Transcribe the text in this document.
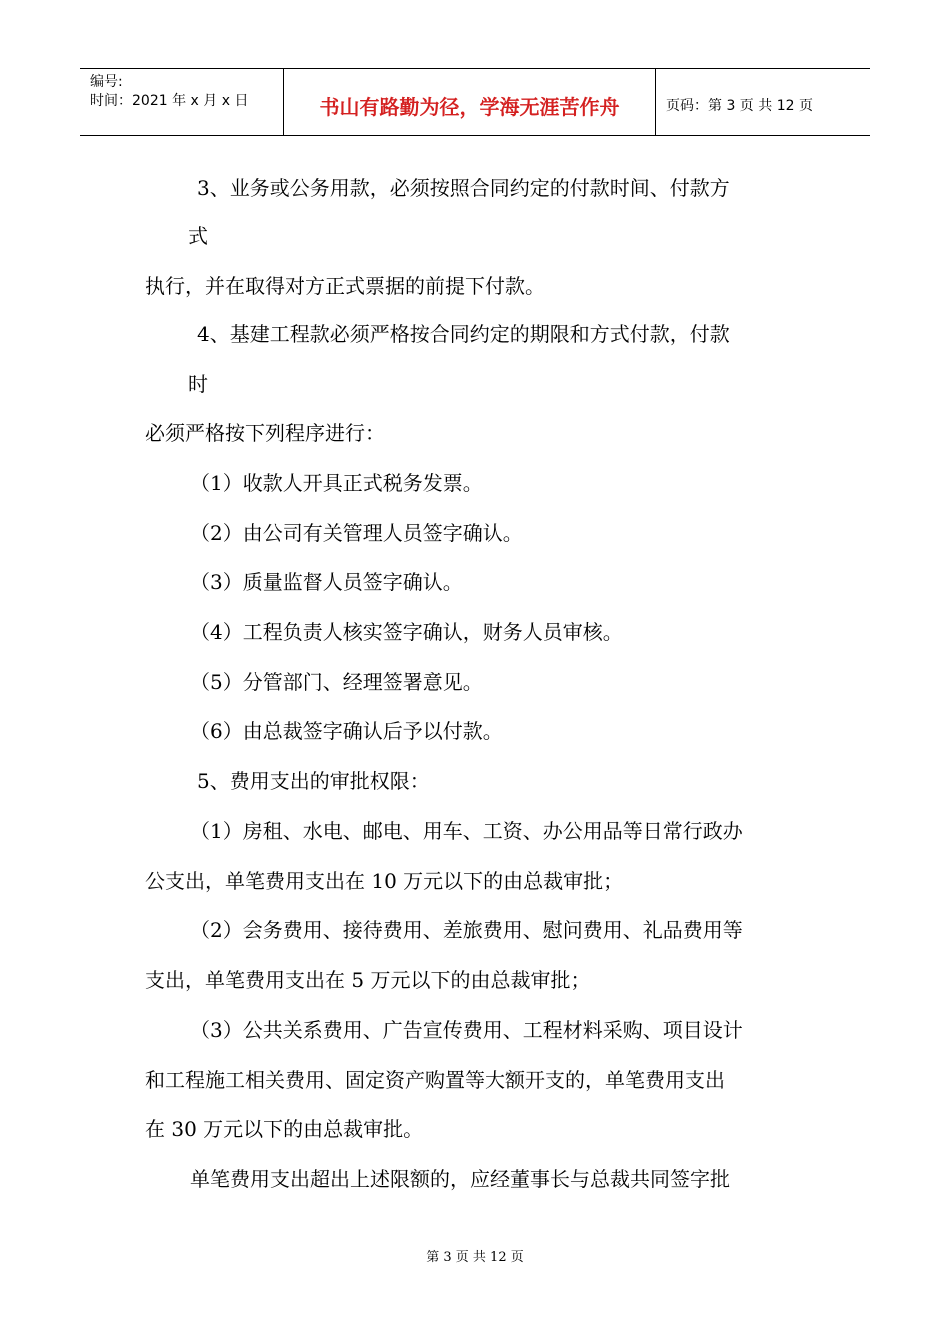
编号:
时间：2021 年 x 月 x 日	书山有路勤为径，学海无涯苦作舟	页码：第 3 页 共 12 页
3、业务或公务用款，必须按照合同约定的付款时间、付款方
式
执行，并在取得对方正式票据的前提下付款。
4、基建工程款必须严格按合同约定的期限和方式付款，付款
时
必须严格按下列程序进行：
（1）收款人开具正式税务发票。
（2）由公司有关管理人员签字确认。
（3）质量监督人员签字确认。
（4）工程负责人核实签字确认，财务人员审核。
（5）分管部门、经理签署意见。
（6）由总裁签字确认后予以付款。
5、费用支出的审批权限：
（1）房租、水电、邮电、用车、工资、办公用品等日常行政办
公支出，单笔费用支出在 10 万元以下的由总裁审批；
（2）会务费用、接待费用、差旅费用、慰问费用、礼品费用等
支出，单笔费用支出在 5 万元以下的由总裁审批；
（3）公共关系费用、广告宣传费用、工程材料采购、项目设计
和工程施工相关费用、固定资产购置等大额开支的，单笔费用支出
在 30 万元以下的由总裁审批。
单笔费用支出超出上述限额的，应经董事长与总裁共同签字批
第 3 页 共 12 页
